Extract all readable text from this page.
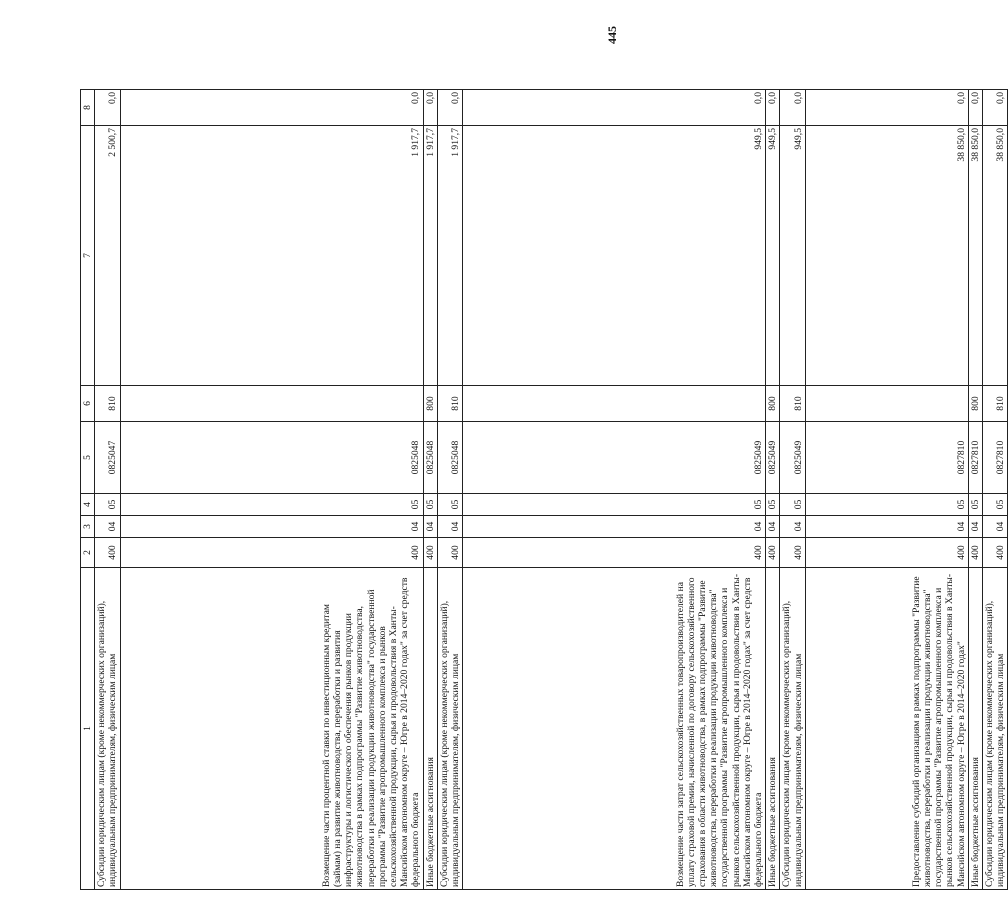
445
1	2	3	4	5	6	7	8
Субсидии юридическим лицам (кроме некоммерческих организаций), индивидуальным предпринимателям, физическим лицам	400	04	05	0825047	810	2 500,7	0,0
Возмещение части процентной ставки по инвестиционным кредитам (займам) на развитие животноводства, переработки и развития инфраструктуры и логистического обеспечения рынков продукции животноводства в рамках подпрограммы "Развитие животноводства, переработки и реализации продукции животноводства" государственной программы "Развитие агропромышленного комплекса и рынков сельскохозяйственной продукции, сырья и продовольствия в Ханты-Мансийском автономном округе – Югре в 2014–2020 годах" за счет средств федерального бюджета	400	04	05	0825048		1 917,7	0,0
Иные бюджетные ассигнования	400	04	05	0825048	800	1 917,7	0,0
Субсидии юридическим лицам (кроме некоммерческих организаций), индивидуальным предпринимателям, физическим лицам	400	04	05	0825048	810	1 917,7	0,0
Возмещение части затрат сельскохозяйственных товаропроизводителей на уплату страховой премии, начисленной по договору сельскохозяйственного страхования в области животноводства, в рамках подпрограммы "Развитие животноводства, переработки и реализации продукции животноводства" государственной программы "Развитие агропромышленного комплекса и рынков сельскохозяйственной продукции, сырья и продовольствия в Ханты-Мансийском автономном округе – Югре в 2014–2020 годах" за счет средств федерального бюджета	400	04	05	0825049		949,5	0,0
Иные бюджетные ассигнования	400	04	05	0825049	800	949,5	0,0
Субсидии юридическим лицам (кроме некоммерческих организаций), индивидуальным предпринимателям, физическим лицам	400	04	05	0825049	810	949,5	0,0
Предоставление субсидий организациям в рамках подпрограммы "Развитие животноводства, переработки и реализации продукции животноводства" государственной программы "Развитие агропромышленного комплекса и рынков сельскохозяйственной продукции, сырья и продовольствия в Ханты-Мансийском автономном округе – Югре в 2014–2020 годах"	400	04	05	0827810		38 850,0	0,0
Иные бюджетные ассигнования	400	04	05	0827810	800	38 850,0	0,0
Субсидии юридическим лицам (кроме некоммерческих организаций), индивидуальным предпринимателям, физическим лицам	400	04	05	0827810	810	38 850,0	0,0
